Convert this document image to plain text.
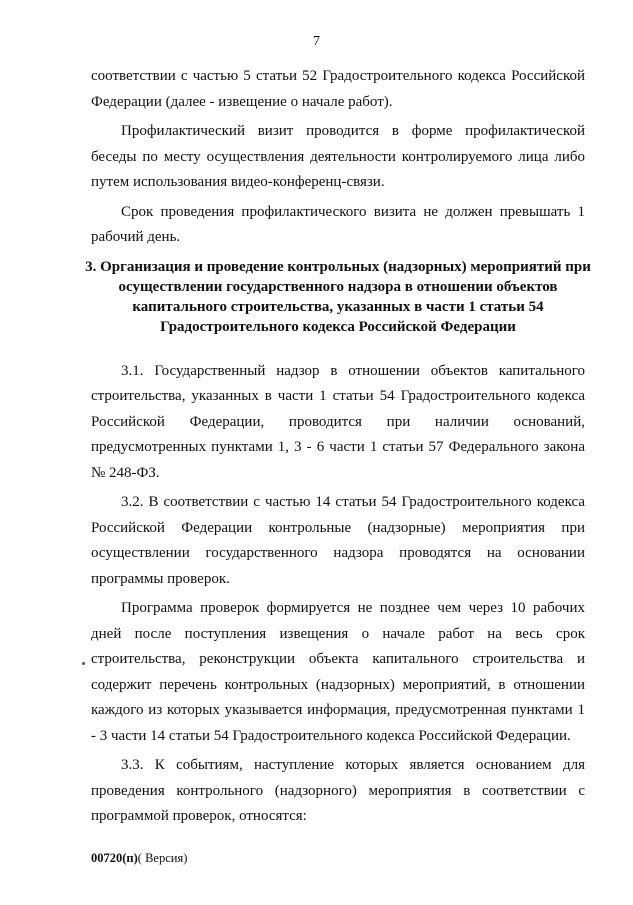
7

соответствии с частью 5 статьи 52 Градостроительного кодекса Российской Федерации (далее - извещение о начале работ).

Профилактический визит проводится в форме профилактической беседы по месту осуществления деятельности контролируемого лица либо путем использования видео-конференц-связи.

Срок проведения профилактического визита не должен превышать 1 рабочий день.

3. Организация и проведение контрольных (надзорных) мероприятий при осуществлении государственного надзора в отношении объектов капитального строительства, указанных в части 1 статьи 54 Градостроительного кодекса Российской Федерации

3.1. Государственный надзор в отношении объектов капитального строительства, указанных в части 1 статьи 54 Градостроительного кодекса Российской Федерации, проводится при наличии оснований, предусмотренных пунктами 1, 3 - 6 части 1 статьи 57 Федерального закона № 248-ФЗ.

3.2. В соответствии с частью 14 статьи 54 Градостроительного кодекса Российской Федерации контрольные (надзорные) мероприятия при осуществлении государственного надзора проводятся на основании программы проверок.

Программа проверок формируется не позднее чем через 10 рабочих дней после поступления извещения о начале работ на весь срок строительства, реконструкции объекта капитального строительства и содержит перечень контрольных (надзорных) мероприятий, в отношении каждого из которых указывается информация, предусмотренная пунктами 1 - 3 части 14 статьи 54 Градостроительного кодекса Российской Федерации.

3.3. К событиям, наступление которых является основанием для проведения контрольного (надзорного) мероприятия в соответствии с программой проверок, относятся:

00720(п)( Версия)
